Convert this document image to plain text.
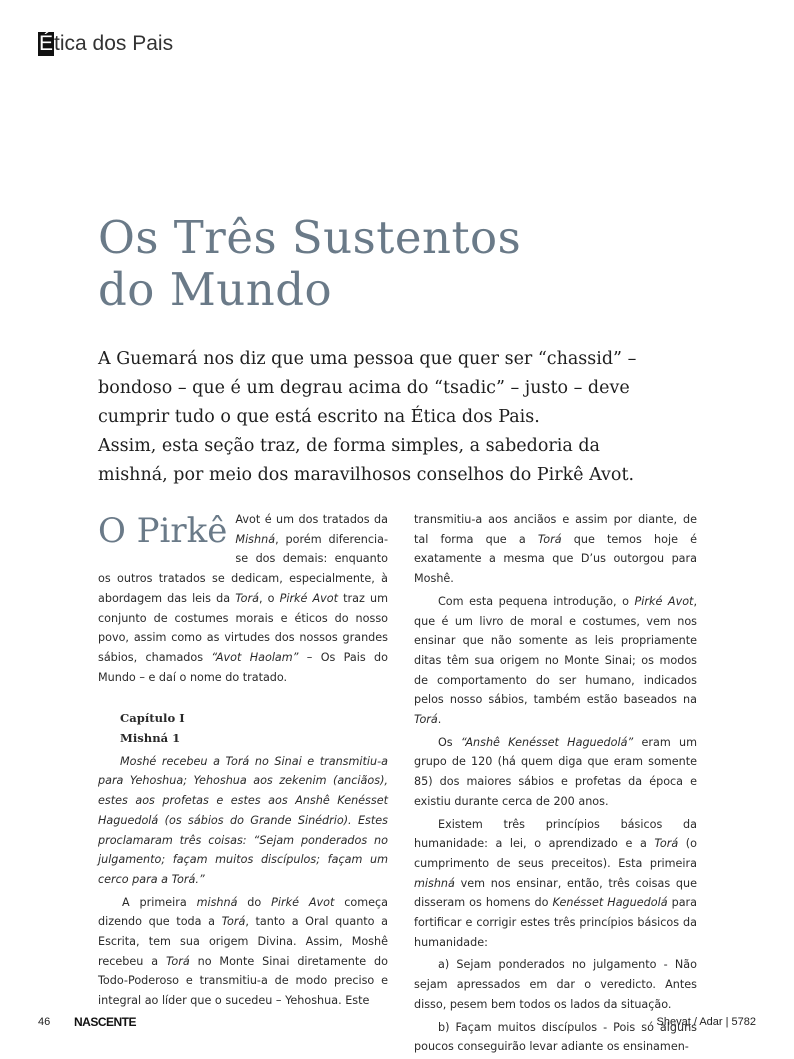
É tica dos Pais
Os Três Sustentos
do Mundo
A Guemará nos diz que uma pessoa que quer ser “chassid” –
bondoso – que é um degrau acima do “tsadic” – justo – deve
cumprir tudo o que está escrito na Ética dos Pais.
Assim, esta seção traz, de forma simples, a sabedoria da
mishná, por meio dos maravilhosos conselhos do Pirkê Avot.

O Pirkê Avot é um dos tratados da Mishná, porém diferencia-se dos demais: enquanto os outros tratados se dedicam, especialmente, à abordagem das leis da Torá, o Pirké Avot traz um conjunto de costumes morais e éticos do nosso povo, assim como as virtudes dos nossos grandes sábios, chamados “Avot Haolam” – Os Pais do Mundo – e daí o nome do tratado.

Capítulo I

Mishná 1

Moshé recebeu a Torá no Sinai e transmitiu-a para Yehoshua; Yehoshua aos zekenim (anciãos), estes aos profetas e estes aos Anshê Kenésset Haguedolá (os sábios do Grande Sinédrio). Estes proclamaram três coisas: “Sejam ponderados no julgamento; façam muitos discípulos; façam um cerco para a Torá.”

A primeira mishná do Pirké Avot começa dizendo que toda a Torá, tanto a Oral quanto a Escrita, tem sua origem Divina. Assim, Moshê recebeu a Torá no Monte Sinai diretamente do Todo-Poderoso e transmitiu-a de modo preciso e integral ao líder que o sucedeu – Yehoshua. Este

transmitiu-a aos anciãos e assim por diante, de tal forma que a Torá que temos hoje é exatamente a mesma que D’us outorgou para Moshê.

Com esta pequena introdução, o Pirké Avot, que é um livro de moral e costumes, vem nos ensinar que não somente as leis propriamente ditas têm sua origem no Monte Sinai; os modos de comportamento do ser humano, indicados pelos nosso sábios, também estão baseados na Torá.

Os “Anshê Kenésset Haguedolá” eram um grupo de 120 (há quem diga que eram somente 85) dos maiores sábios e profetas da época e existiu durante cerca de 200 anos.

Existem três princípios básicos da humanidade: a lei, o aprendizado e a Torá (o cumprimento de seus preceitos). Esta primeira mishná vem nos ensinar, então, três coisas que disseram os homens do Kenésset Haguedolá para fortificar e corrigir estes três princípios básicos da humanidade:

a) Sejam ponderados no julgamento - Não sejam apressados em dar o veredicto. Antes disso, pesem bem todos os lados da situação.

b) Façam muitos discípulos - Pois só alguns poucos conseguirão levar adiante os ensinamen-

46 NASCENTE	Shevat / Adar | 5782
